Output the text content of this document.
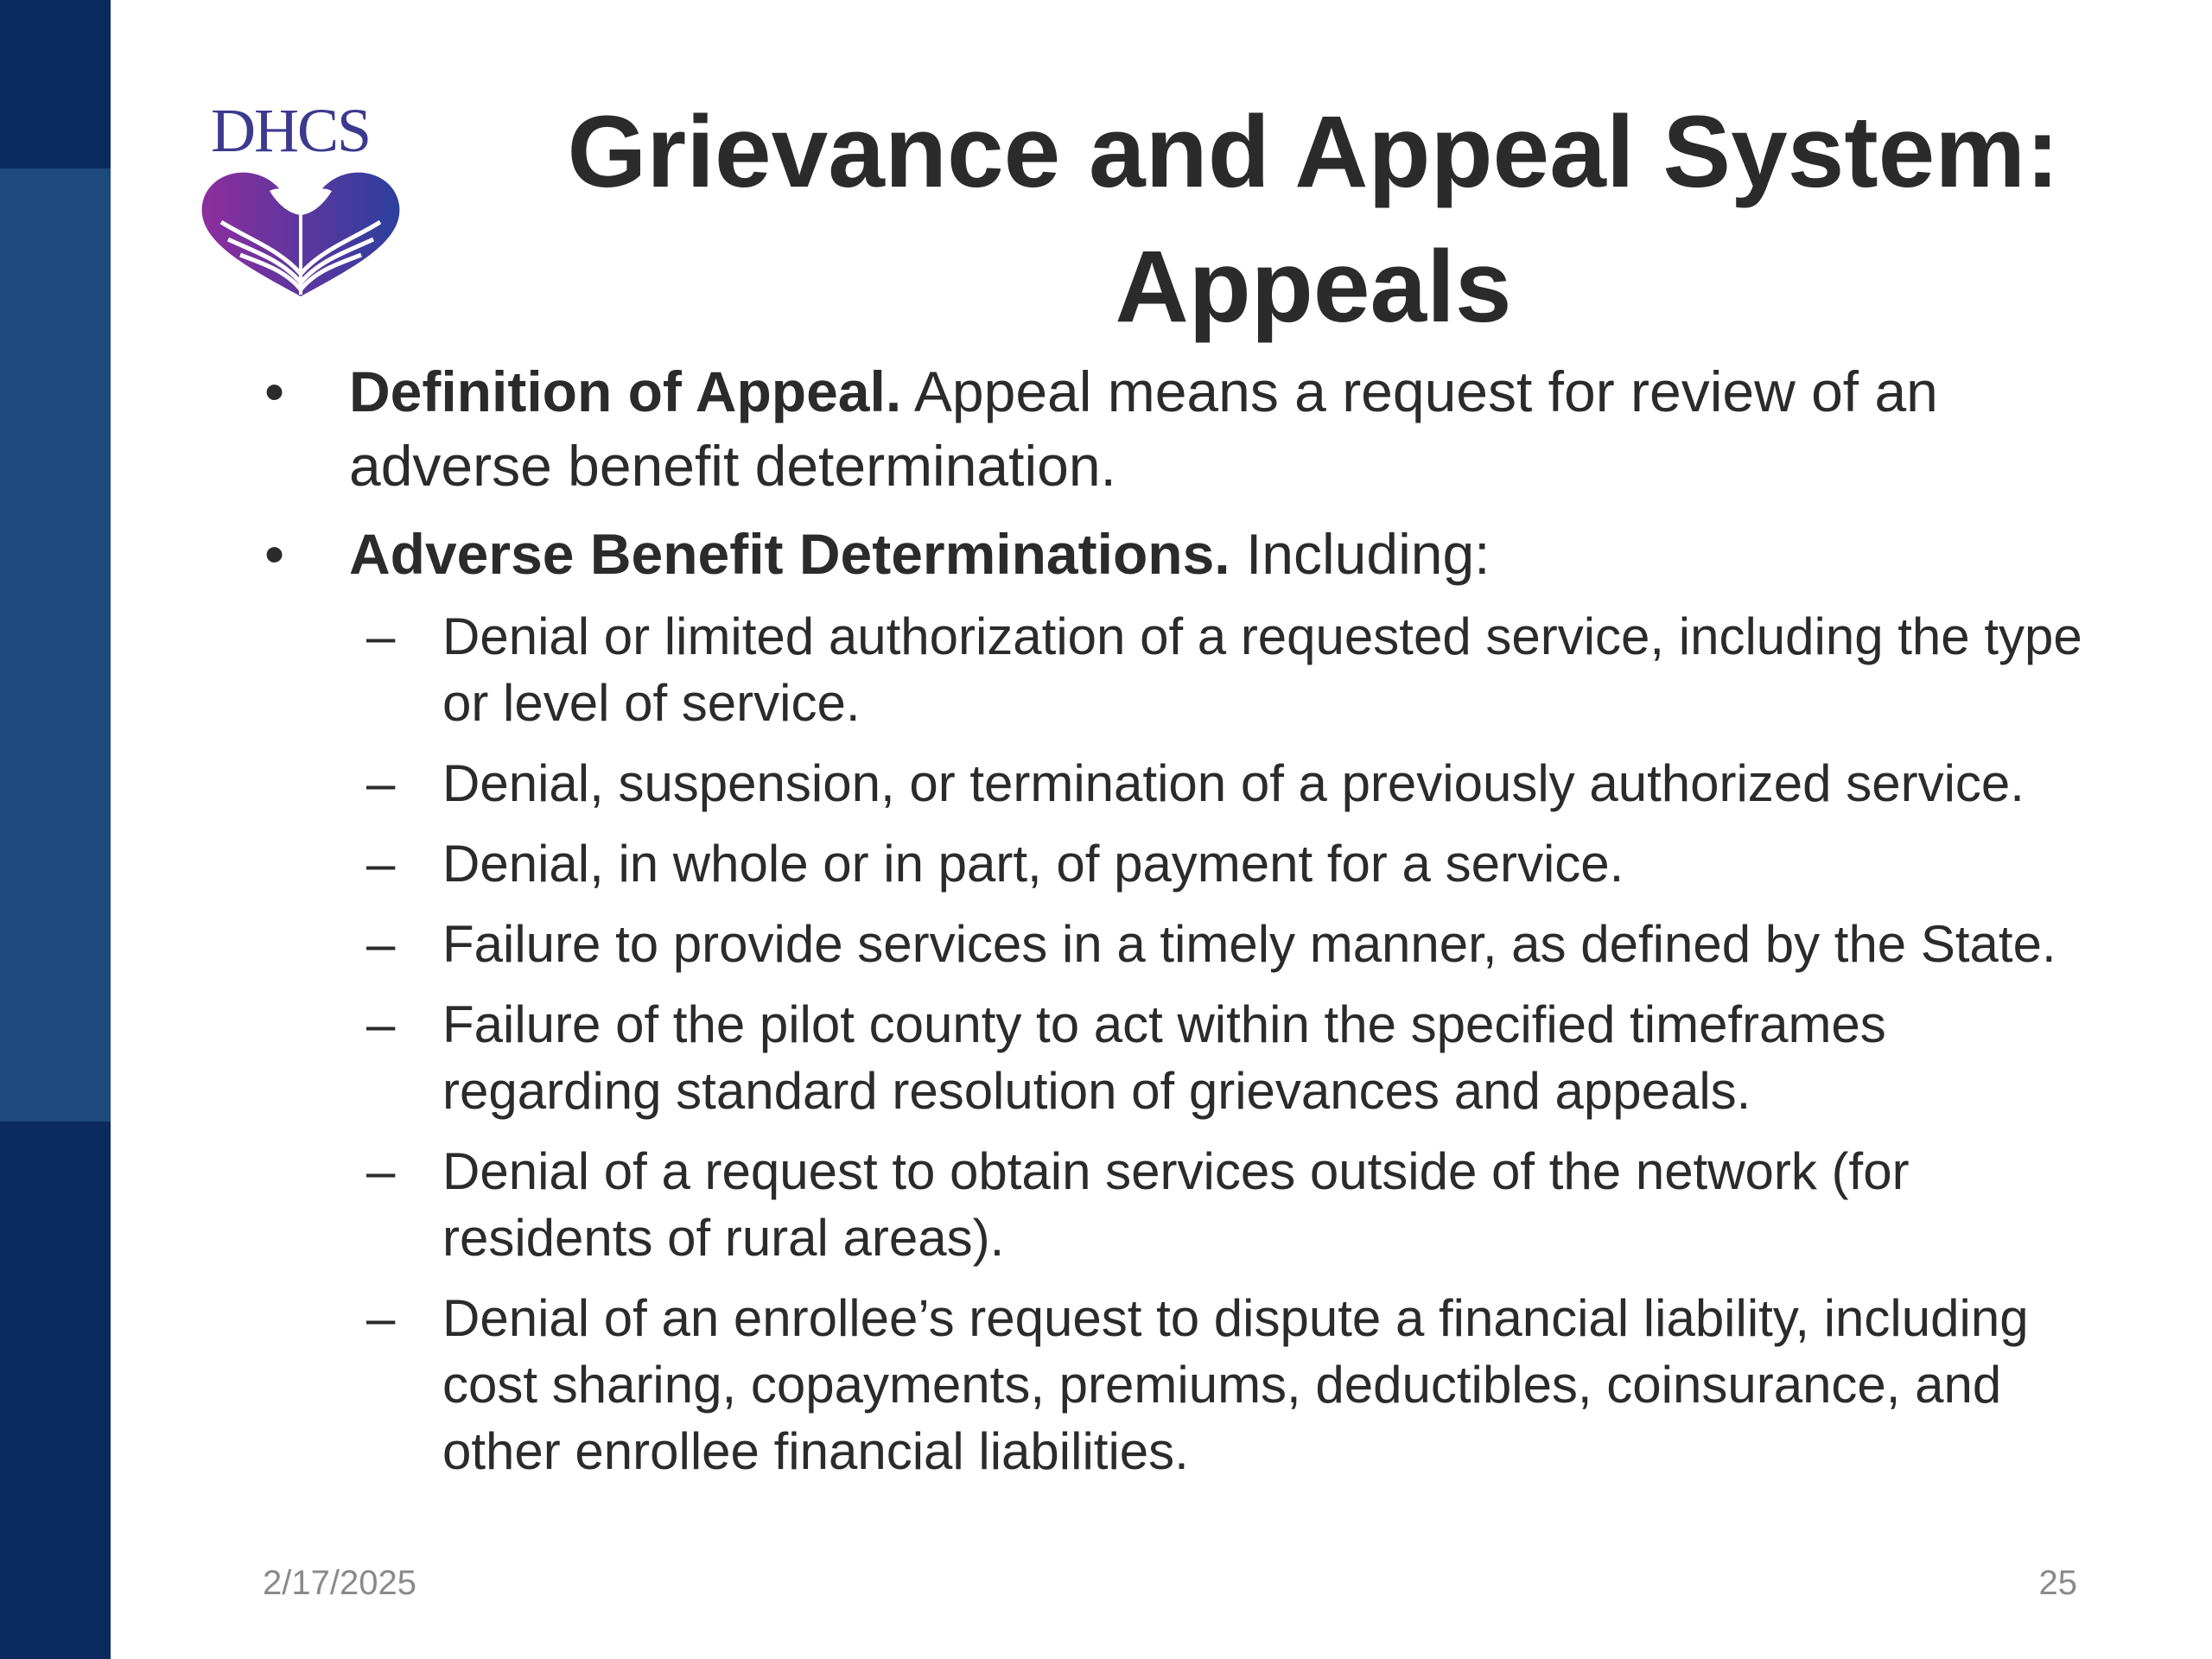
DHCS	Grievance and Appeal System:
Appeals
• Definition of Appeal. Appeal means a request for review of an adverse benefit determination.
• Adverse Benefit Determinations. Including:
– Denial or limited authorization of a requested service, including the type or level of service.
– Denial, suspension, or termination of a previously authorized service.
– Denial, in whole or in part, of payment for a service.
– Failure to provide services in a timely manner, as defined by the State.
– Failure of the pilot county to act within the specified timeframes regarding standard resolution of grievances and appeals.
– Denial of a request to obtain services outside of the network (for residents of rural areas).
– Denial of an enrollee’s request to dispute a financial liability, including cost sharing, copayments, premiums, deductibles, coinsurance, and other enrollee financial liabilities.
2/17/2025	25
